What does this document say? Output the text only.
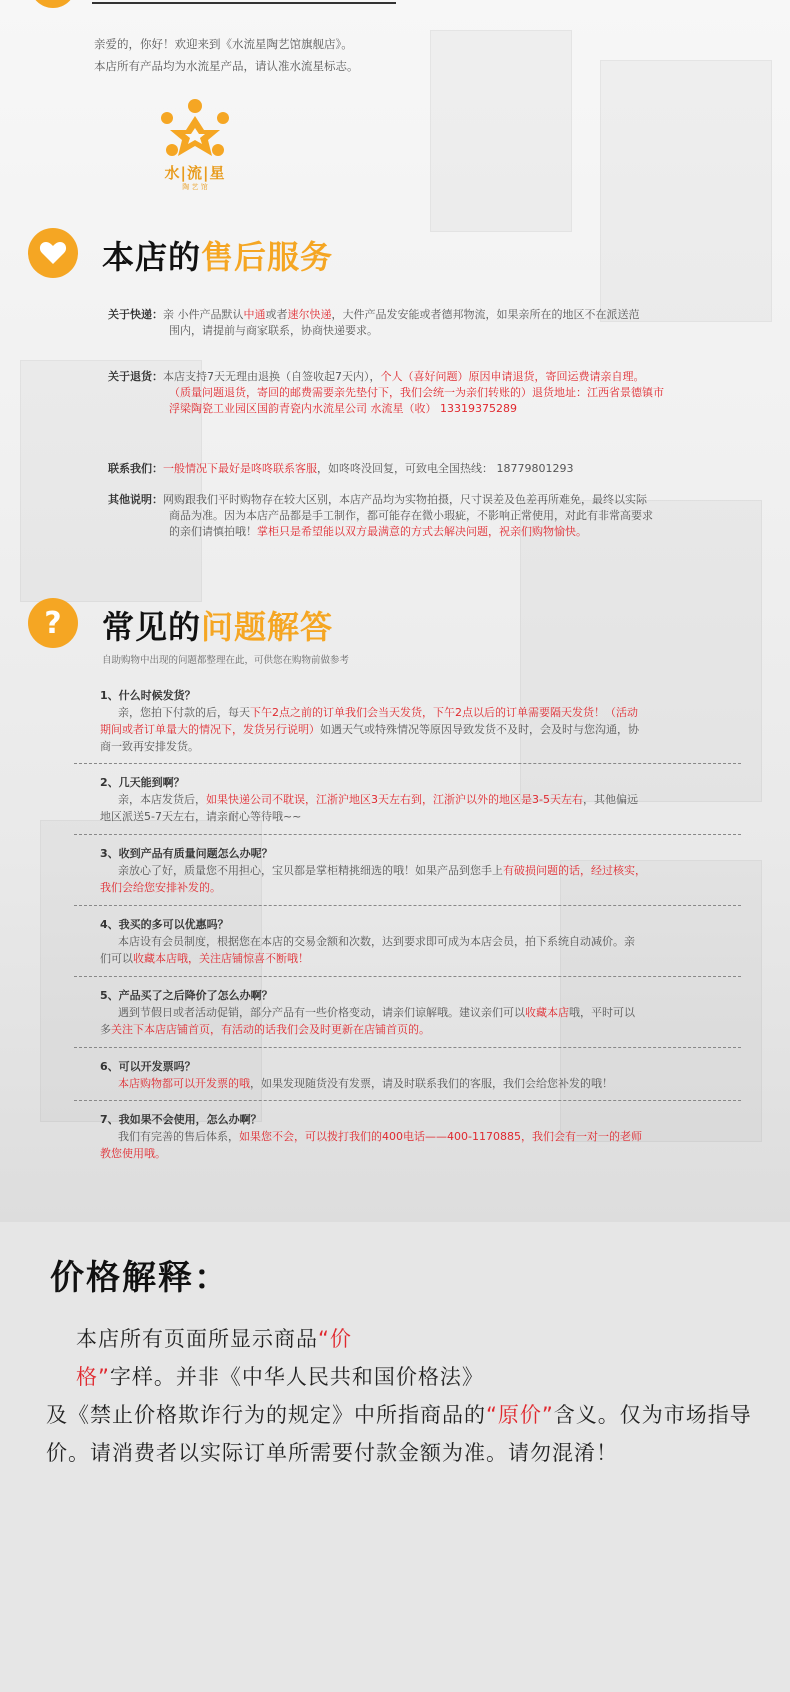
亲爱的，你好！欢迎来到《水流星陶艺馆旗舰店》。
本店所有产品均为水流星产品，请认准水流星标志。
水|流|星
陶 艺 馆
本店的售后服务
关于快递：亲 小件产品默认中通或者速尔快递，大件产品发安能或者德邦物流，如果亲所在的地区不在派送范
围内，请提前与商家联系，协商快递要求。
关于退货：本店支持7天无理由退换（自签收起7天内），个人（喜好问题）原因申请退货，寄回运费请亲自理。
（质量问题退货，寄回的邮费需要亲先垫付下，我们会统一为亲们转账的）退货地址：江西省景德镇市
浮梁陶瓷工业园区国韵青瓷内水流星公司 水流星（收） 13319375289
联系我们：一般情况下最好是咚咚联系客服，如咚咚没回复，可致电全国热线： 18779801293
其他说明：网购跟我们平时购物存在较大区别，本店产品均为实物拍摄，尺寸误差及色差再所难免，最终以实际
商品为准。因为本店产品都是手工制作，都可能存在微小瑕疵，不影响正常使用，对此有非常高要求
的亲们请慎拍哦！掌柜只是希望能以双方最满意的方式去解决问题，祝亲们购物愉快。
?	常见的问题解答
自助购物中出现的问题都整理在此，可供您在购物前做参考
1、什么时候发货？
亲，您拍下付款的后，每天下午2点之前的订单我们会当天发货，下午2点以后的订单需要隔天发货！（活动
期间或者订单量大的情况下，发货另行说明）如遇天气或特殊情况等原因导致发货不及时，会及时与您沟通，协
商一致再安排发货。
2、几天能到啊？
亲，本店发货后，如果快递公司不耽误，江浙沪地区3天左右到，江浙沪以外的地区是3-5天左右，其他偏远
地区派送5-7天左右，请亲耐心等待哦~~
3、收到产品有质量问题怎么办呢？
亲放心了好，质量您不用担心，宝贝都是掌柜精挑细选的哦！如果产品到您手上有破损问题的话，经过核实，
我们会给您安排补发的。
4、我买的多可以优惠吗？
本店设有会员制度，根据您在本店的交易金额和次数，达到要求即可成为本店会员，拍下系统自动减价。亲
们可以收藏本店哦，关注店铺惊喜不断哦！
5、产品买了之后降价了怎么办啊？
遇到节假日或者活动促销，部分产品有一些价格变动，请亲们谅解哦。建议亲们可以收藏本店哦，平时可以
多关注下本店店铺首页，有活动的话我们会及时更新在店铺首页的。
6、可以开发票吗？
本店购物都可以开发票的哦，如果发现随货没有发票，请及时联系我们的客服，我们会给您补发的哦！
7、我如果不会使用，怎么办啊？
我们有完善的售后体系，如果您不会，可以拨打我们的400电话——400-1170885，我们会有一对一的老师
教您使用哦。
价格解释：
本店所有页面所显示商品“价格”字样。并非《中华人民共和国价格法》
及《禁止价格欺诈行为的规定》中所指商品的“原价”含义。仅为市场指导
价。请消费者以实际订单所需要付款金额为准。请勿混淆！
